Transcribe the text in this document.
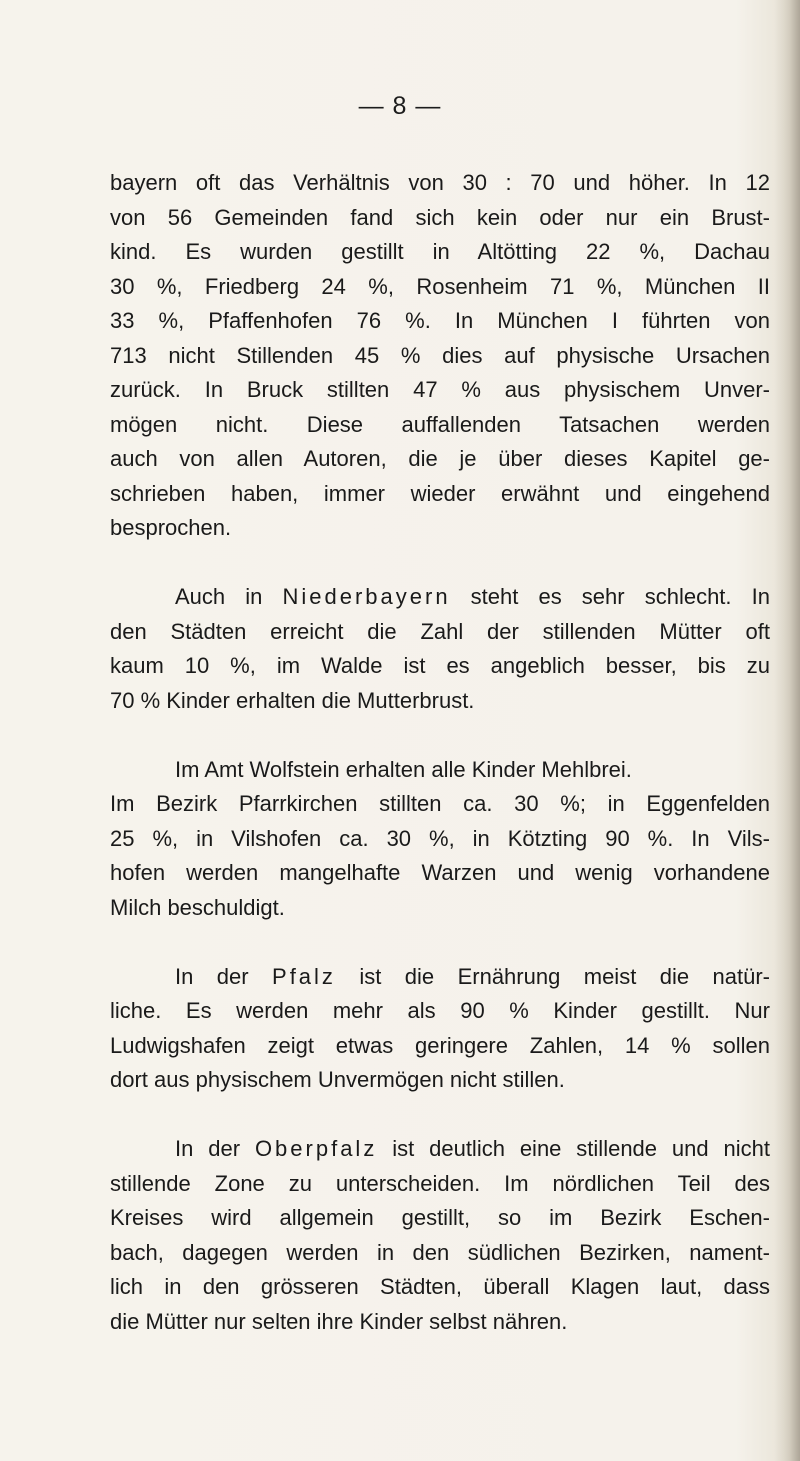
— 8 —
bayern oft das Verhältnis von 30 : 70 und höher. In 12
von 56 Gemeinden fand sich kein oder nur ein Brust-
kind. Es wurden gestillt in Altötting 22 %, Dachau
30 %, Friedberg 24 %, Rosenheim 71 %, München II
33 %, Pfaffenhofen 76 %. In München I führten von
713 nicht Stillenden 45 % dies auf physische Ursachen
zurück. In Bruck stillten 47 % aus physischem Unver-
mögen nicht. Diese auffallenden Tatsachen werden
auch von allen Autoren, die je über dieses Kapitel ge-
schrieben haben, immer wieder erwähnt und eingehend
besprochen.
Auch in Niederbayern steht es sehr schlecht. In
den Städten erreicht die Zahl der stillenden Mütter oft
kaum 10 %, im Walde ist es angeblich besser, bis zu
70 % Kinder erhalten die Mutterbrust.
Im Amt Wolfstein erhalten alle Kinder Mehlbrei.
Im Bezirk Pfarrkirchen stillten ca. 30 %; in Eggenfelden
25 %, in Vilshofen ca. 30 %, in Kötzting 90 %. In Vils-
hofen werden mangelhafte Warzen und wenig vorhandene
Milch beschuldigt.
In der Pfalz ist die Ernährung meist die natür-
liche. Es werden mehr als 90 % Kinder gestillt. Nur
Ludwigshafen zeigt etwas geringere Zahlen, 14 % sollen
dort aus physischem Unvermögen nicht stillen.
In der Oberpfalz ist deutlich eine stillende und nicht
stillende Zone zu unterscheiden. Im nördlichen Teil des
Kreises wird allgemein gestillt, so im Bezirk Eschen-
bach, dagegen werden in den südlichen Bezirken, nament-
lich in den grösseren Städten, überall Klagen laut, dass
die Mütter nur selten ihre Kinder selbst nähren.
